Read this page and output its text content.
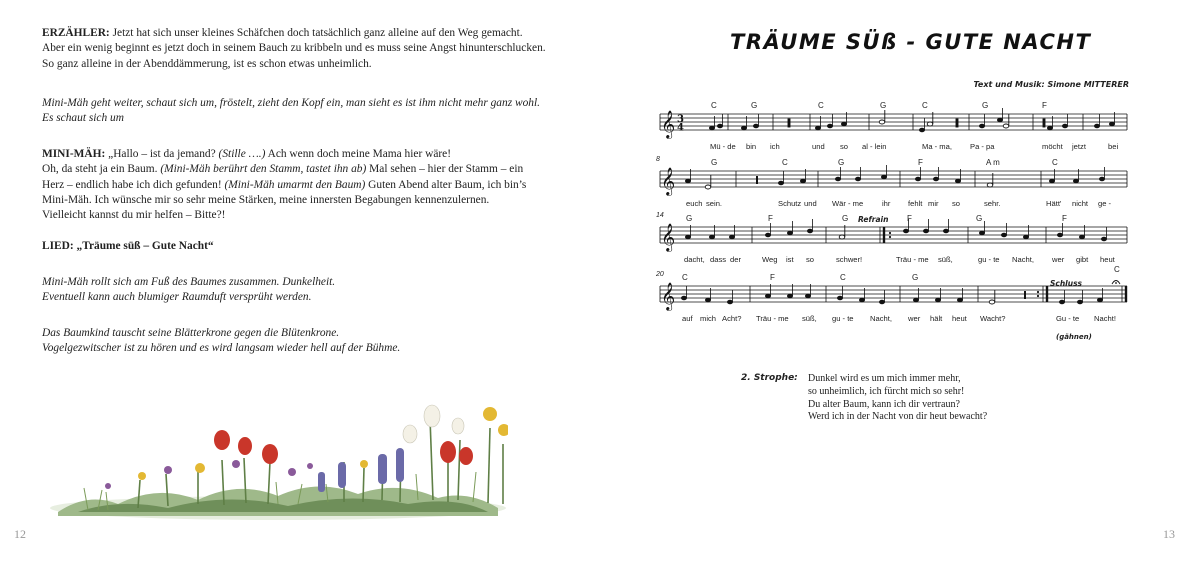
ERZÄHLER: Jetzt hat sich unser kleines Schäfchen doch tatsächlich ganz alleine auf den Weg gemacht.

Aber ein wenig beginnt es jetzt doch in seinem Bauch zu kribbeln und es muss seine Angst hinunterschlucken.

So ganz alleine in der Abenddämmerung, ist es schon etwas unheimlich.

Mini-Mäh geht weiter, schaut sich um, fröstelt, zieht den Kopf ein, man sieht es ist ihm nicht mehr ganz wohl.

Es schaut sich um

MINI-MÄH: „Hallo – ist da jemand? (Stille ….) Ach wenn doch meine Mama hier wäre!

Oh, da steht ja ein Baum. (Mini-Mäh berührt den Stamm, tastet ihn ab) Mal sehen – hier der Stamm – ein

Herz – endlich habe ich dich gefunden! (Mini-Mäh umarmt den Baum) Guten Abend alter Baum, ich bin’s

Mini-Mäh. Ich wünsche mir so sehr meine Stärken, meine innersten Begabungen kennenzulernen.

Vielleicht kannst du mir helfen – Bitte?!

LIED: „Träume süß – Gute Nacht“

Mini-Mäh rollt sich am Fuß des Baumes zusammen. Dunkelheit.

Eventuell kann auch blumiger Raumduft versprüht werden.

Das Baumkind tauscht seine Blätterkrone gegen die Blütenkrone.

Vogelgezwitscher ist zu hören und es wird langsam wieder hell auf der Bühme.

12
TRÄUME SÜß - GUTE NACHT
Text und Musik: Simone MITTERER
C	G	C	G	C	G	F
𝄞 3
4
Mü - de bin ich	und so al - lein	Ma - ma, Pa - pa	möcht jetzt	bei
8	G	C	G	F	A m	C
𝄞
euch sein.	Schutz und Wär - me ihr fehlt mir so	sehr.	Hätt' nicht ge -
14	G	F	G Refrain F	G	F
𝄞
dacht, dass der	Weg ist so	schwer!	Träu - me süß,	gu - te Nacht, wer gibt heut
20 C	F	C	G
Schluss
C
𝄞
auf mich Acht? Träu - me süß, gu - te Nacht, wer hält heut Wacht?	Gu - te Nacht!
(gähnen)
2. Strophe: Dunkel wird es um mich immer mehr,
so unheimlich, ich fürcht mich so sehr!
Du alter Baum, kann ich dir vertraun?
Werd ich in der Nacht von dir heut bewacht?
13
